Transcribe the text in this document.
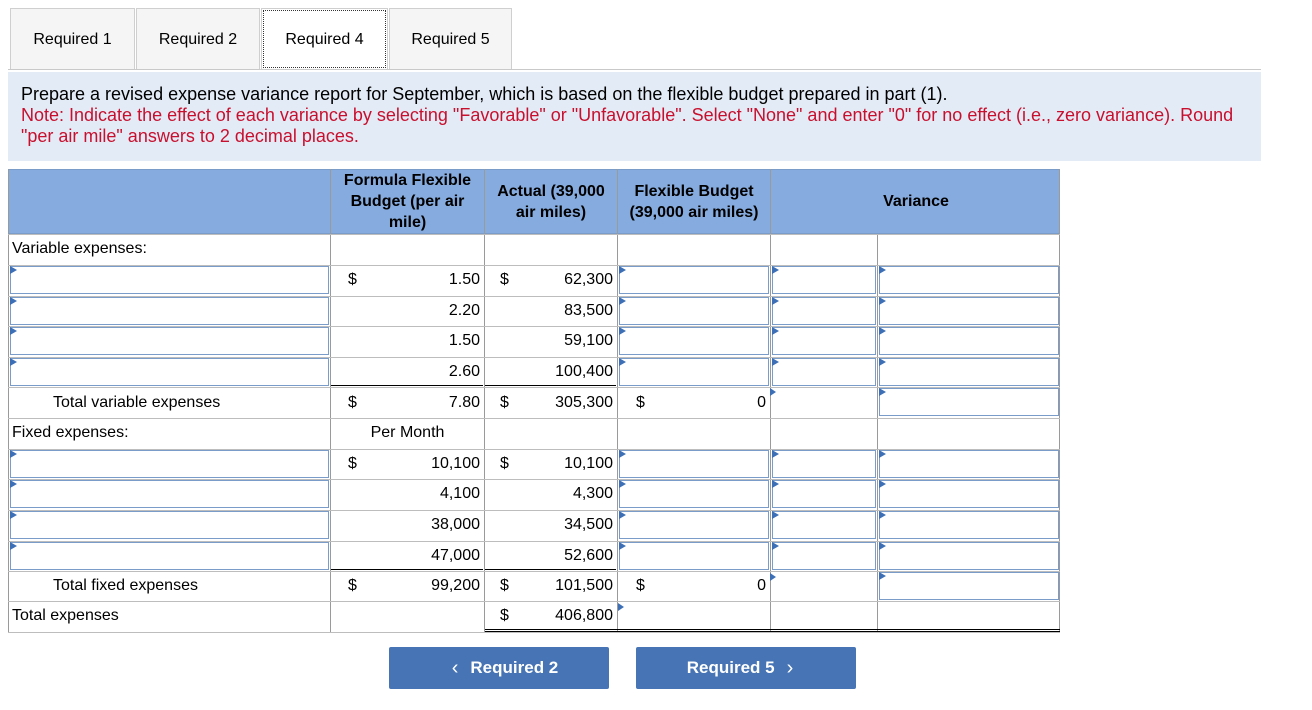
Required 1	Required 2	Required 4	Required 5
Prepare a revised expense variance report for September, which is based on the flexible budget prepared in part (1).
Note: Indicate the effect of each variance by selecting "Favorable" or "Unfavorable". Select "None" and enter "0" for no effect (i.e., zero variance). Round "per air mile" answers to 2 decimal places.
Formula Flexible Budget (per air mile)
Actual (39,000 air miles)
Flexible Budget (39,000 air miles)
Variance
Variable expenses:
$	1.50 $	62,300
2.20	83,500
1.50	59,100
2.60	100,400
Total variable expenses	$	7.80 $	305,300 $	0
Fixed expenses:	Per Month
$	10,100 $	10,100
4,100	4,300
38,000	34,500
47,000	52,600
Total fixed expenses	$	99,200 $	101,500 $	0
Total expenses	$	406,800
‹ Required 2	Required 5 ›
